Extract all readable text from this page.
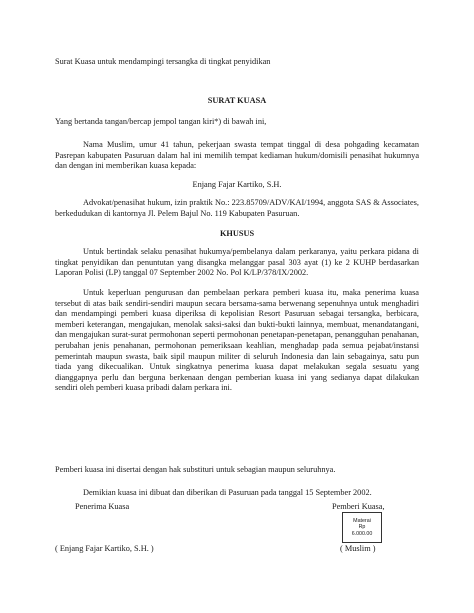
Surat Kuasa untuk mendampingi tersangka di tingkat penyidikan
SURAT KUASA
Yang bertanda tangan/bercap jempol tangan kiri*) di bawah ini,
Nama Muslim, umur 41 tahun, pekerjaan swasta tempat tinggal di desa pohgading kecamatan Pasrepan kabupaten Pasuruan dalam hal ini memilih tempat kediaman hukum/domisili penasihat hukumnya dan dengan ini memberikan kuasa kepada:
Enjang Fajar Kartiko, S.H.
Advokat/penasihat hukum, izin praktik No.: 223.85709/ADV/KAI/1994, anggota SAS & Associates, berkedudukan di kantornya Jl. Pelem Bajul No. 119 Kabupaten Pasuruan.
KHUSUS
Untuk bertindak selaku penasihat hukumya/pembelanya dalam perkaranya, yaitu perkara pidana di tingkat penyidikan dan penuntutan yang disangka melanggar pasal 303 ayat (1) ke 2 KUHP berdasarkan Laporan Polisi (LP) tanggal 07 September 2002 No. Pol K/LP/378/IX/2002.
Untuk keperluan pengurusan dan pembelaan perkara pemberi kuasa itu, maka penerima kuasa tersebut di atas baik sendiri-sendiri maupun secara bersama-sama berwenang sepenuhnya untuk menghadiri dan mendampingi pemberi kuasa diperiksa di kepolisian Resort Pasuruan sebagai tersangka, berbicara, memberi keterangan, mengajukan, menolak saksi-saksi dan bukti-bukti lainnya, membuat, menandatangani, dan mengajukan surat-surat permohonan seperti permohonan penetapan-penetapan, penangguhan penahanan, perubahan jenis penahanan, permohonan pemeriksaan keahlian, menghadap pada semua pejabat/instansi pemerintah maupun swasta, baik sipil maupun militer di seluruh Indonesia dan lain sebagainya, satu pun tiada yang dikecualikan. Untuk singkatnya penerima kuasa dapat melakukan segala sesuatu yang dianggapnya perlu dan berguna berkenaan dengan pemberian kuasa ini yang sedianya dapat dilakukan sendiri oleh pemberi kuasa pribadi dalam perkara ini.
Pemberi kuasa ini disertai dengan hak substituri untuk sebagian maupun seluruhnya.
Demikian kuasa ini dibuat dan diberikan di Pasuruan pada tanggal 15 September 2002.
Penerima Kuasa	Pemberi Kuasa,
Materai
Rp
6.000.00
( Enjang Fajar Kartiko, S.H. )	( Muslim )
